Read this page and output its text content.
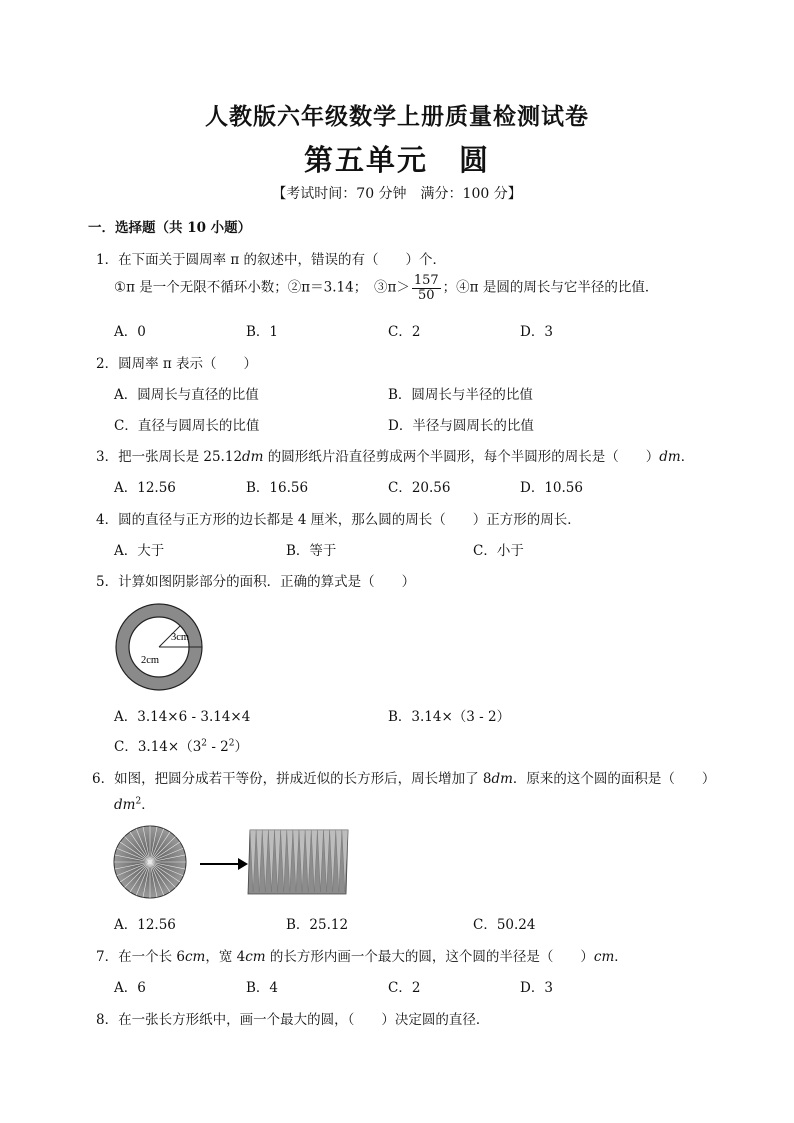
人教版六年级数学上册质量检测试卷
第五单元　圆
【考试时间：70 分钟　满分：100 分】
一．选择题（共 10 小题）
1．在下面关于圆周率 π 的叙述中，错误的有（　　）个．
①π 是一个无限不循环小数；②π＝3.14；　③π＞ $\frac{157}{50}$ ；④π 是圆的周长与它半径的比值．
A．0	B．1	C．2	D．3
2．圆周率 π 表示（　　）
A．圆周长与直径的比值	B．圆周长与半径的比值
C．直径与圆周长的比值	D．半径与圆周长的比值
3．把一张周长是 25.12dm 的圆形纸片沿直径剪成两个半圆形，每个半圆形的周长是（　　）dm．
A．12.56	B．16.56	C．20.56	D．10.56
4．圆的直径与正方形的边长都是 4 厘米，那么圆的周长（　　）正方形的周长．
A．大于	B．等于	C．小于
5．计算如图阴影部分的面积．正确的算式是（　　）
3cm
2cm
A．3.14×6 - 3.14×4	B．3.14×（3 - 2）
C．$3.14\times(3^2 - 2^2)$
6．如图，把圆分成若干等份，拼成近似的长方形后，周长增加了 8dm．原来的这个圆的面积是（　　）
$dm^2$．
A．12.56	B．25.12	C．50.24
7．在一个长 6cm，宽 4cm 的长方形内画一个最大的圆，这个圆的半径是（　　）cm．
A．6	B．4	C．2	D．3
8．在一张长方形纸中，画一个最大的圆，（　　）决定圆的直径．
